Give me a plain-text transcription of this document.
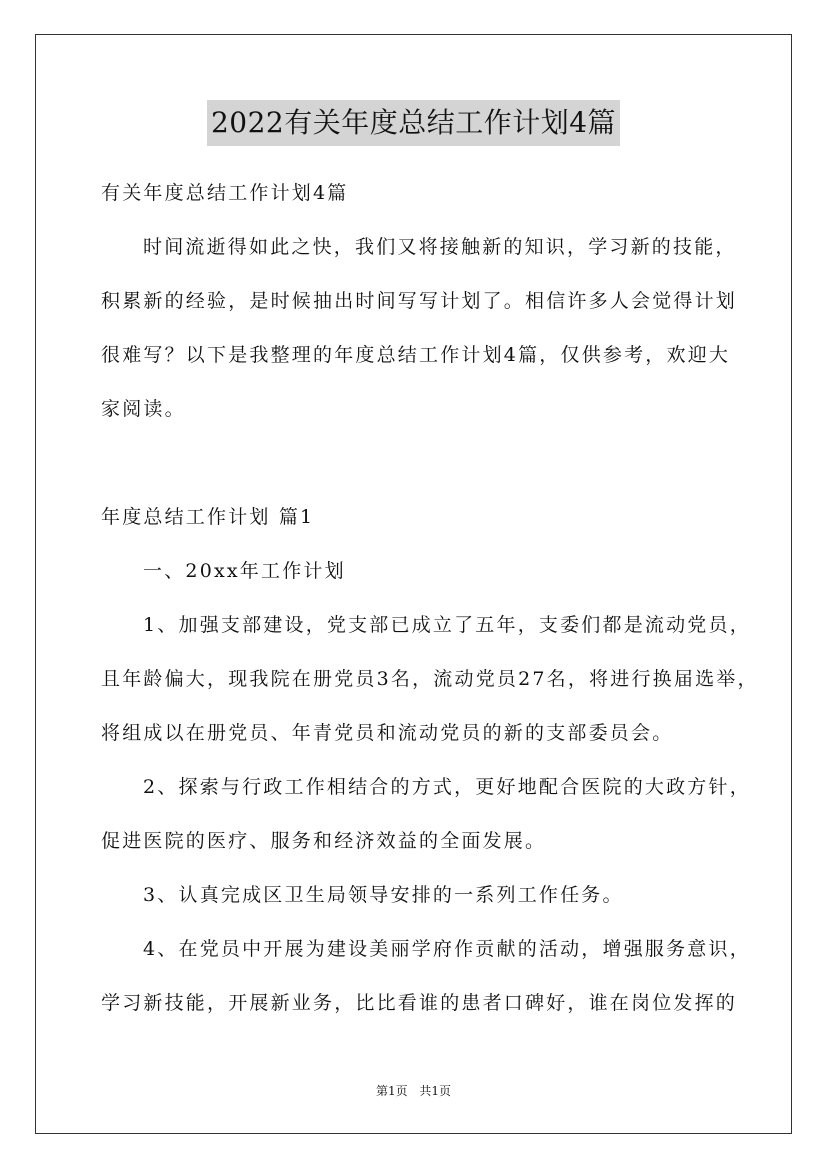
2022有关年度总结工作计划4篇
有关年度总结工作计划4篇
时间流逝得如此之快，我们又将接触新的知识，学习新的技能，
积累新的经验，是时候抽出时间写写计划了。相信许多人会觉得计划
很难写？以下是我整理的年度总结工作计划4篇，仅供参考，欢迎大
家阅读。
年度总结工作计划 篇1
一、20xx年工作计划
1、加强支部建设，党支部已成立了五年，支委们都是流动党员，
且年龄偏大，现我院在册党员3名，流动党员27名，将进行换届选举，
将组成以在册党员、年青党员和流动党员的新的支部委员会。
2、探索与行政工作相结合的方式，更好地配合医院的大政方针，
促进医院的医疗、服务和经济效益的全面发展。
3、认真完成区卫生局领导安排的一系列工作任务。
4、在党员中开展为建设美丽学府作贡献的活动，增强服务意识，
学习新技能，开展新业务，比比看谁的患者口碑好，谁在岗位发挥的
第1页 共1页
